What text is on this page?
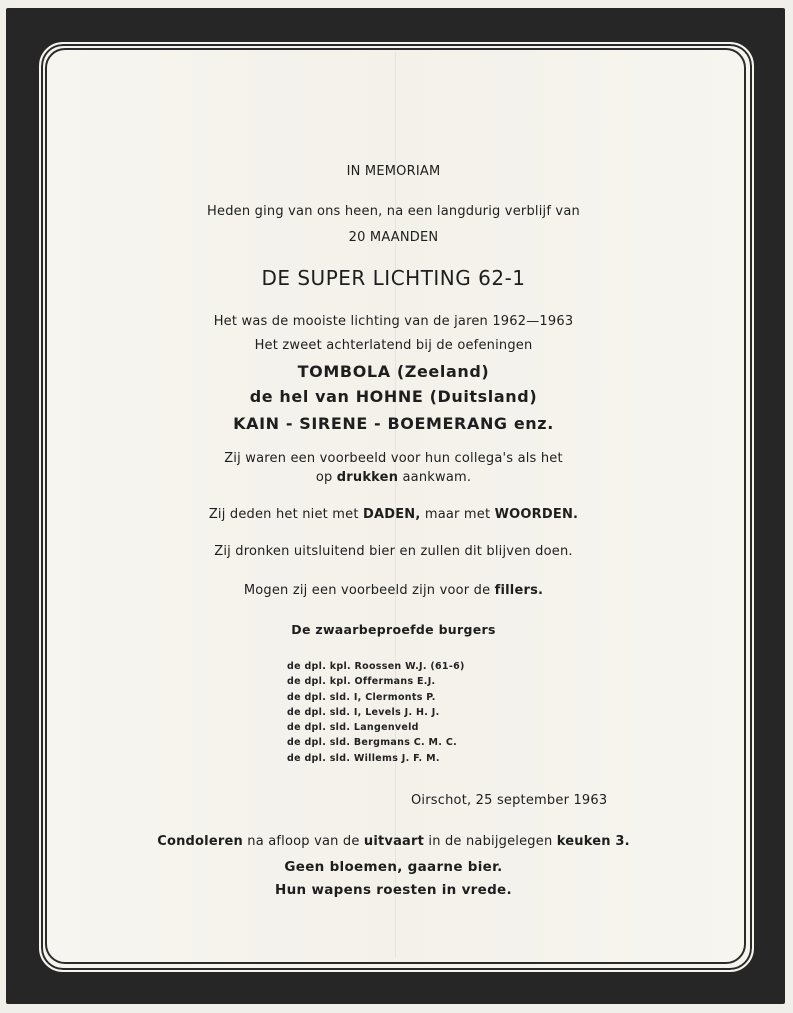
IN MEMORIAM
Heden ging van ons heen, na een langdurig verblijf van
20 MAANDEN
DE SUPER LICHTING 62-1
Het was de mooiste lichting van de jaren 1962—1963
Het zweet achterlatend bij de oefeningen
TOMBOLA (Zeeland)
de hel van HOHNE (Duitsland)
KAIN - SIRENE - BOEMERANG enz.
Zij waren een voorbeeld voor hun collega's als het
op drukken aankwam.
Zij deden het niet met DADEN, maar met WOORDEN.
Zij dronken uitsluitend bier en zullen dit blijven doen.
Mogen zij een voorbeeld zijn voor de fillers.
De zwaarbeproefde burgers
de dpl. kpl. Roossen W.J. (61-6)
de dpl. kpl. Offermans E.J.
de dpl. sld. I, Clermonts P.
de dpl. sld. I, Levels J. H. J.
de dpl. sld. Langenveld
de dpl. sld. Bergmans C. M. C.
de dpl. sld. Willems J. F. M.
Oirschot, 25 september 1963
Condoleren na afloop van de uitvaart in de nabijgelegen keuken 3.
Geen bloemen, gaarne bier.
Hun wapens roesten in vrede.
